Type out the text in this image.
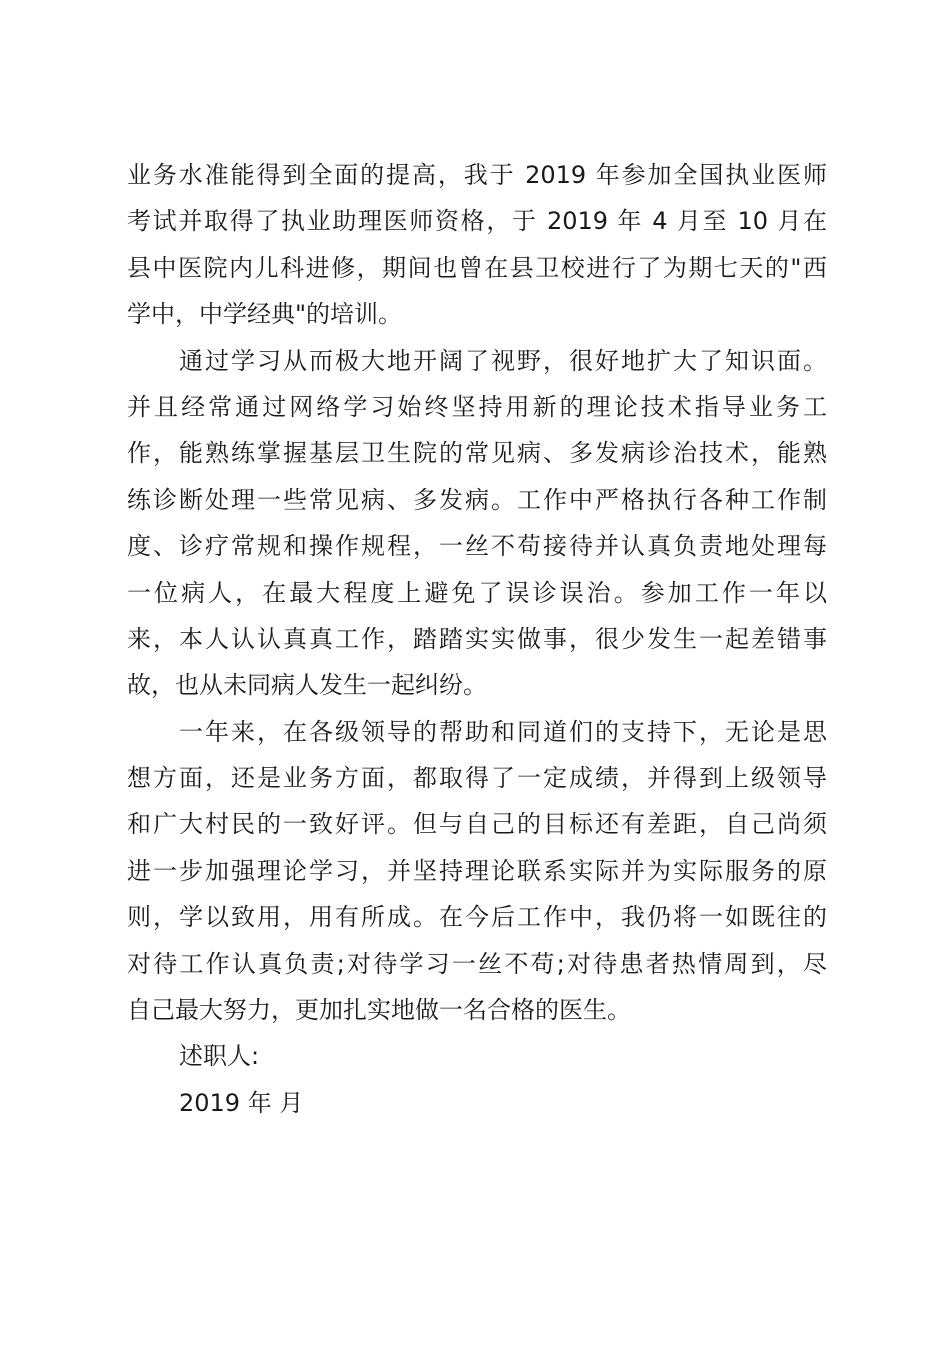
业务水准能得到全面的提高，我于 2019 年参加全国执业医师
考试并取得了执业助理医师资格，于 2019 年 4 月至 10 月在
县中医院内儿科进修，期间也曾在县卫校进行了为期七天的"西
学中，中学经典"的培训。
通过学习从而极大地开阔了视野，很好地扩大了知识面。
并且经常通过网络学习始终坚持用新的理论技术指导业务工
作，能熟练掌握基层卫生院的常见病、多发病诊治技术，能熟
练诊断处理一些常见病、多发病。工作中严格执行各种工作制
度、诊疗常规和操作规程，一丝不苟接待并认真负责地处理每
一位病人，在最大程度上避免了误诊误治。参加工作一年以
来，本人认认真真工作，踏踏实实做事，很少发生一起差错事
故，也从未同病人发生一起纠纷。
一年来，在各级领导的帮助和同道们的支持下，无论是思
想方面，还是业务方面，都取得了一定成绩，并得到上级领导
和广大村民的一致好评。但与自己的目标还有差距，自己尚须
进一步加强理论学习，并坚持理论联系实际并为实际服务的原
则，学以致用，用有所成。在今后工作中，我仍将一如既往的
对待工作认真负责;对待学习一丝不苟;对待患者热情周到，尽
自己最大努力，更加扎实地做一名合格的医生。
述职人:
2019 年 月
